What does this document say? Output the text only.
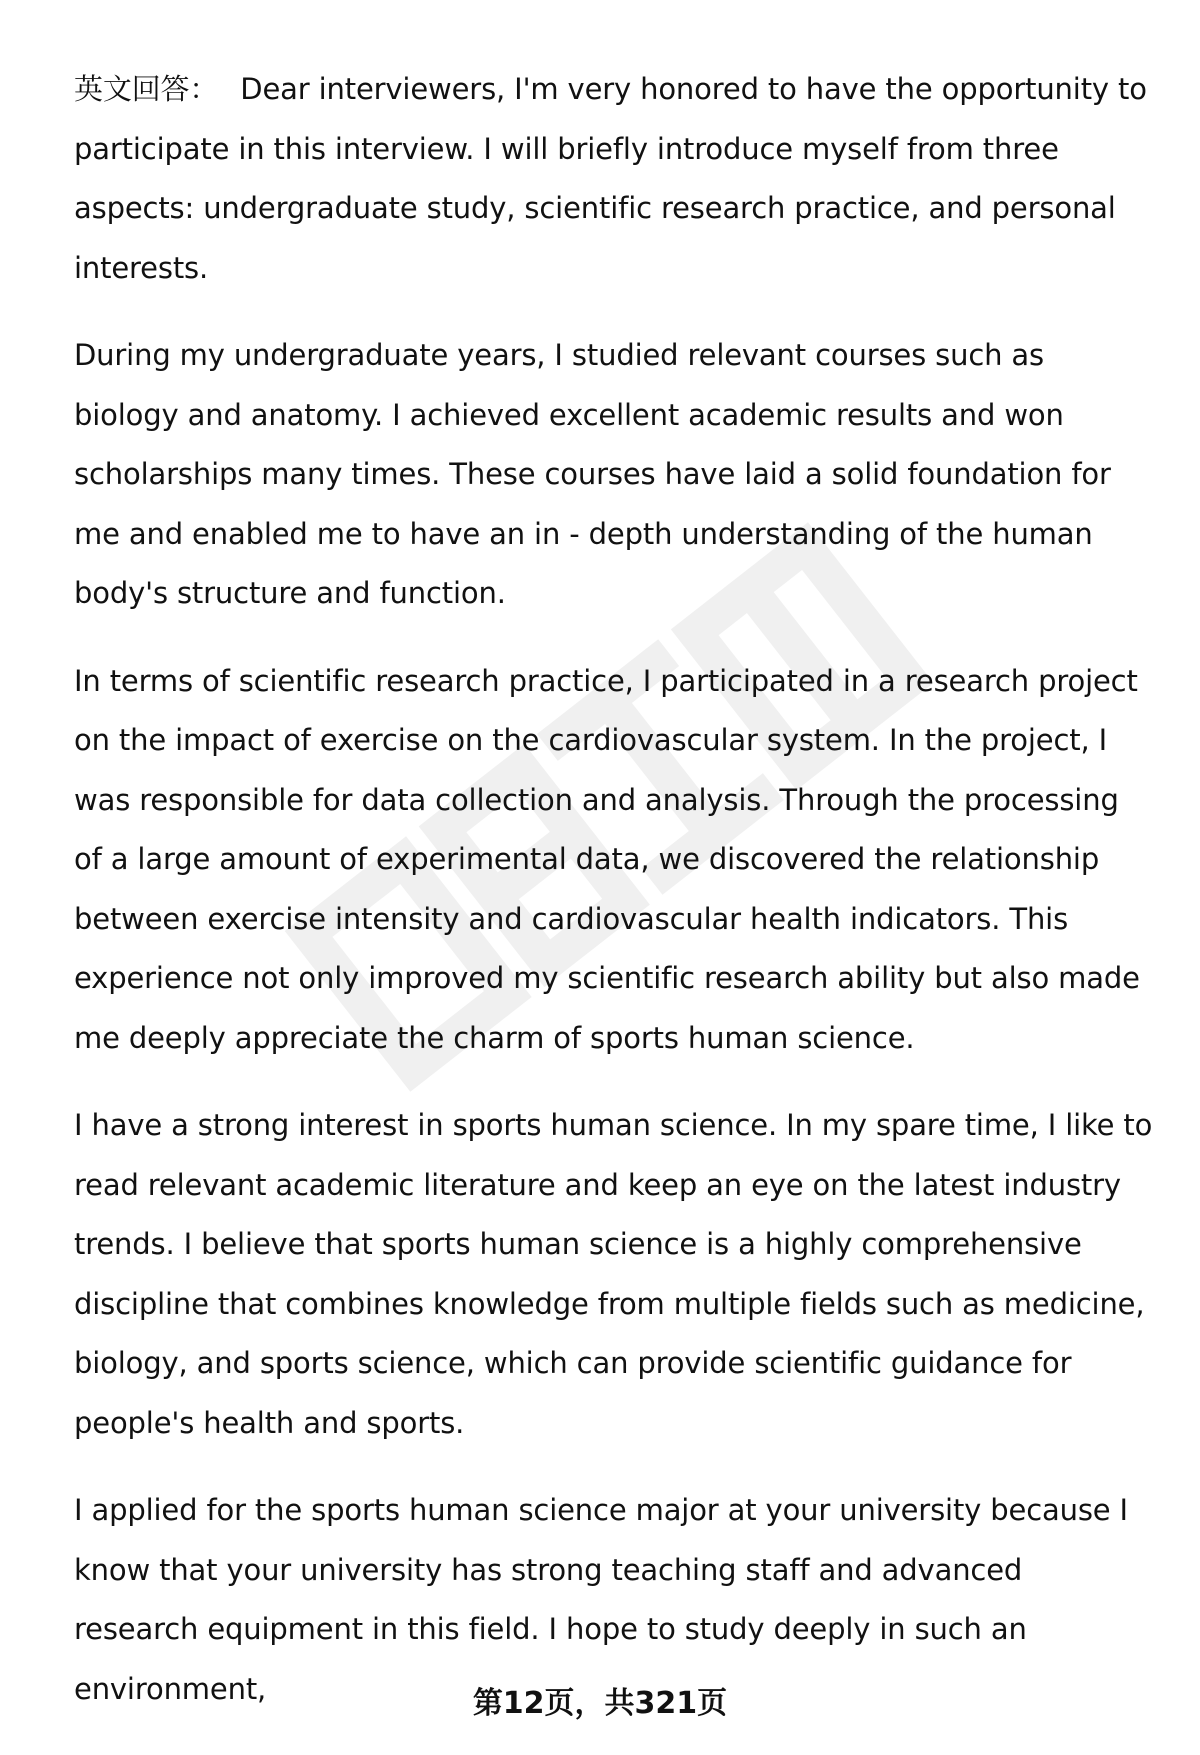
英文回答： Dear interviewers, I'm very honored to have the opportunity to participate in this interview. I will briefly introduce myself from three aspects: undergraduate study, scientific research practice, and personal interests.

During my undergraduate years, I studied relevant courses such as biology and anatomy. I achieved excellent academic results and won scholarships many times. These courses have laid a solid foundation for me and enabled me to have an in - depth understanding of the human body's structure and function.

In terms of scientific research practice, I participated in a research project on the impact of exercise on the cardiovascular system. In the project, I was responsible for data collection and analysis. Through the processing of a large amount of experimental data, we discovered the relationship between exercise intensity and cardiovascular health indicators. This experience not only improved my scientific research ability but also made me deeply appreciate the charm of sports human science.

I have a strong interest in sports human science. In my spare time, I like to read relevant academic literature and keep an eye on the latest industry trends. I believe that sports human science is a highly comprehensive discipline that combines knowledge from multiple fields such as medicine, biology, and sports science, which can provide scientific guidance for people's health and sports.

I applied for the sports human science major at your university because I know that your university has strong teaching staff and advanced research equipment in this field. I hope to study deeply in such an environment,	第12页，共321页
